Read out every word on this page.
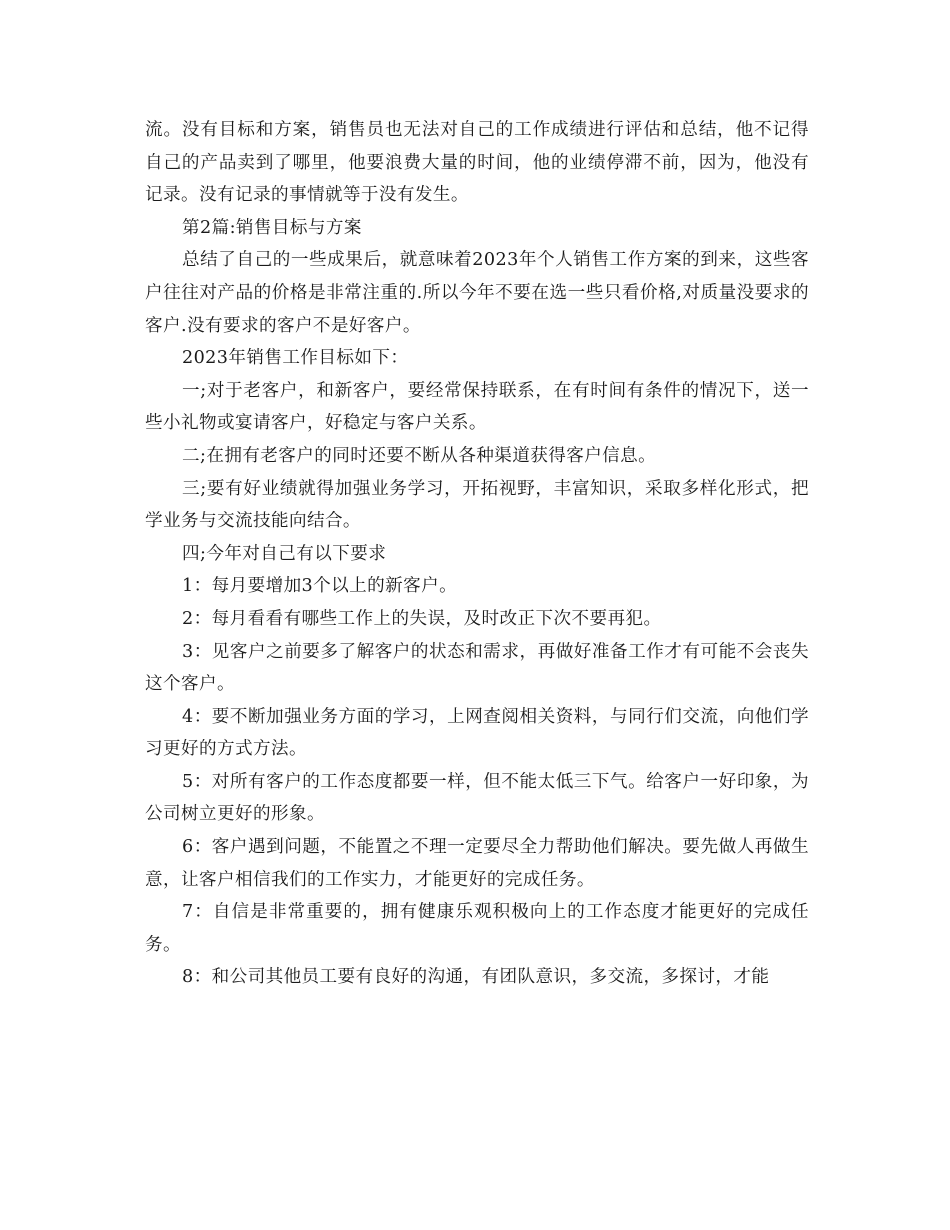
流。没有目标和方案，销售员也无法对自己的工作成绩进行评估和总结，他不记得自己的产品卖到了哪里，他要浪费大量的时间，他的业绩停滞不前，因为，他没有记录。没有记录的事情就等于没有发生。

第2篇:销售目标与方案

总结了自己的一些成果后，就意味着2023年个人销售工作方案的到来，这些客户往往对产品的价格是非常注重的.所以今年不要在选一些只看价格,对质量没要求的客户.没有要求的客户不是好客户。

2023年销售工作目标如下：

一;对于老客户，和新客户，要经常保持联系，在有时间有条件的情况下，送一些小礼物或宴请客户，好稳定与客户关系。

二;在拥有老客户的同时还要不断从各种渠道获得客户信息。

三;要有好业绩就得加强业务学习，开拓视野，丰富知识，采取多样化形式，把学业务与交流技能向结合。

四;今年对自己有以下要求

1：每月要增加3个以上的新客户。

2：每月看看有哪些工作上的失误，及时改正下次不要再犯。

3：见客户之前要多了解客户的状态和需求，再做好准备工作才有可能不会丧失这个客户。

4：要不断加强业务方面的学习，上网查阅相关资料，与同行们交流，向他们学习更好的方式方法。

5：对所有客户的工作态度都要一样，但不能太低三下气。给客户一好印象，为公司树立更好的形象。

6：客户遇到问题，不能置之不理一定要尽全力帮助他们解决。要先做人再做生意，让客户相信我们的工作实力，才能更好的完成任务。

7：自信是非常重要的，拥有健康乐观积极向上的工作态度才能更好的完成任务。

8：和公司其他员工要有良好的沟通，有团队意识，多交流，多探讨，才能
